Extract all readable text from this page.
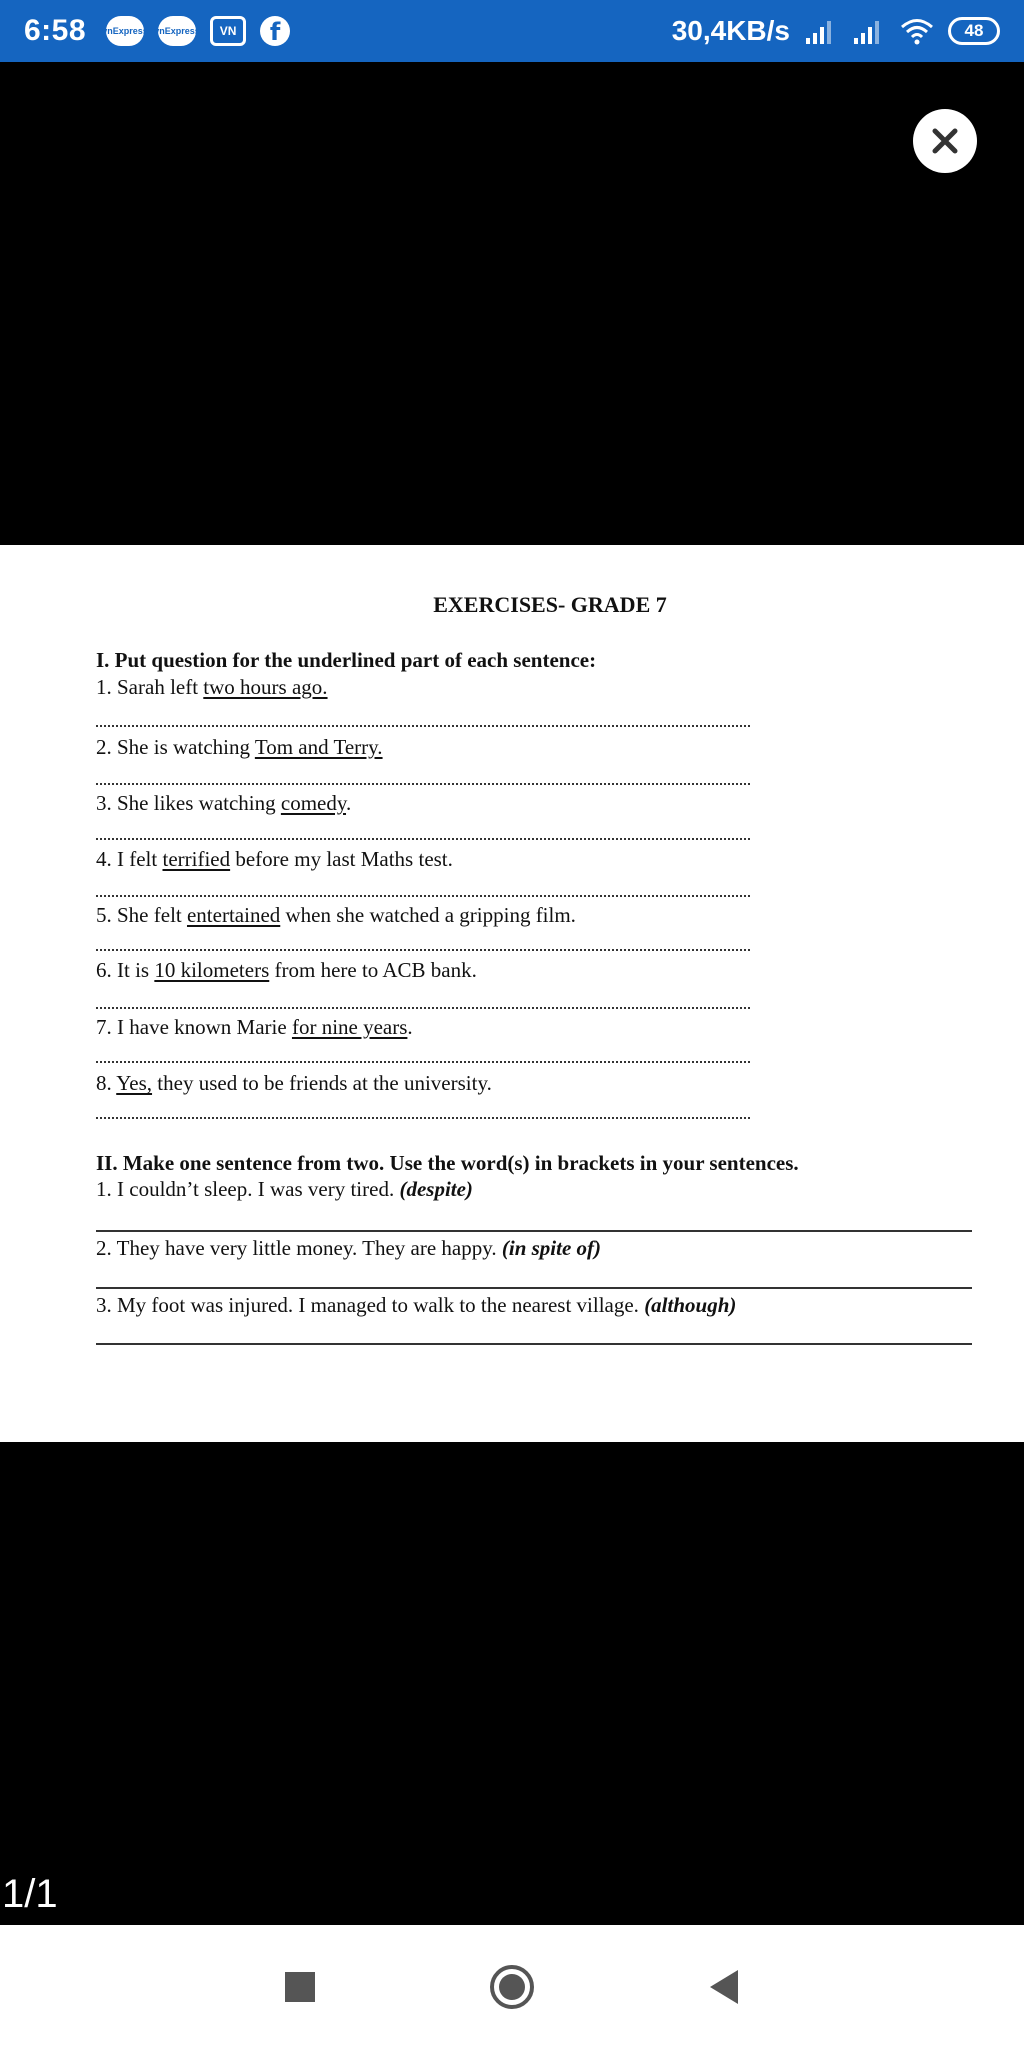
6:58 vnExpress vnExpress	VN	f	30,4KB/s	48
EXERCISES- GRADE 7
I. Put question for the underlined part of each sentence:
1. Sarah left two hours ago.
2. She is watching Tom and Terry.
3. She likes watching comedy.
4. I felt terrified before my last Maths test.
5. She felt entertained when she watched a gripping film.
6. It is 10 kilometers from here to ACB bank.
7. I have known Marie for nine years.
8. Yes, they used to be friends at the university.
II. Make one sentence from two. Use the word(s) in brackets in your sentences.
1. I couldn’t sleep. I was very tired. (despite)
2. They have very little money. They are happy. (in spite of)
3. My foot was injured. I managed to walk to the nearest village. (although)
1/1
